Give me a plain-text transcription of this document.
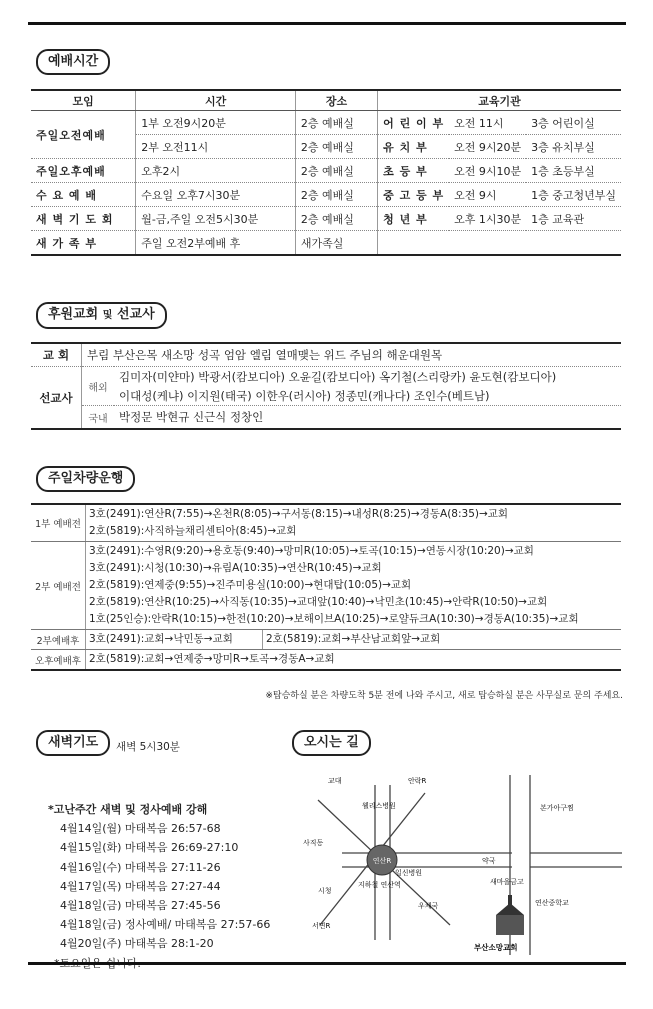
예배시간
모임	시간	장소	교육기관		
주일오전예배	1부 오전9시20분	2층 예배실	어 린 이 부	오전 11시	3층 어린이실
	2부 오전11시	2층 예배실	유 치 부	오전 9시20분	3층 유치부실
주일오후예배	오후2시	2층 예배실	초 등 부	오전 9시10분	1층 초등부실
수 요 예 배	수요일 오후7시30분	2층 예배실	중 고 등 부	오전 9시	1층 중고청년부실
새 벽 기 도 회	월-금,주일 오전5시30분	2층 예배실	청 년 부	오후 1시30분	1층 교육관
새 가 족 부	주일 오전2부예배 후	새가족실			
후원교회 및 선교사
교 회	부림 부산은목 새소망 성곡 엄암 엘림 열매맺는 위드 주님의 해운대원목	
선교사	해외	김미자(미얀마) 박광서(캄보디아) 오윤길(캄보디아) 옥기철(스리랑카) 윤도현(캄보디아)
		이대성(케냐) 이지원(태국) 이한우(러시아) 정종민(캐나다) 조인수(베트남)
	국내	박정문 박현규 신근식 정창인
주일차량운행
1부 예배전	3호(2491):연산R(7:55)→온천R(8:05)→구서동(8:15)→내성R(8:25)→경동A(8:35)→교회
2호(5819):사직하늘채리센티아(8:45)→교회	

2부 예배전	3호(2491):수영R(9:20)→용호동(9:40)→망미R(10:05)→토곡(10:15)→연동시장(10:20)→교회
3호(2491):시청(10:30)→유림A(10:35)→연산R(10:45)→교회
2호(5819):연제중(9:55)→진주미용실(10:00)→현대탑(10:05)→교회
2호(5819):연산R(10:25)→사직동(10:35)→교대앞(10:40)→낙민초(10:45)→안락R(10:50)→교회
1호(25인승):안락R(10:15)→한전(10:20)→보해이브A(10:25)→로얄듀크A(10:30)→경동A(10:35)→교회	

2부예배후	3호(2491):교회→낙민동→교회	2호(5819):교회→부산남교회앞→교회

오후예배후	2호(5819):교회→연제중→망미R→토곡→경동A→교회	
※탑승하실 분은 차량도착 5분 전에 나와 주시고, 새로 탑승하실 분은 사무실로 문의 주세요.
새벽기도	새벽 5시30분
*고난주간 새벽 및 정사예배 강해
4월14일(월) 마태복음 26:57-68
4월15일(화) 마태복음 26:69-27:10
4월16일(수) 마태복음 27:11-26
4월17일(목) 마태복음 27:27-44
4월18일(금) 마태복음 27:45-56
4월18일(금) 정사예배/ 마태복음 27:57-66
4월20일(주) 마태복음 28:1-20
오시는 길
연산R
교대	안락R
웰리스병원	본가아구찜
사직동
일신병원
약국
새마을금고
시청
지하철 연산역
우체국	연산중학교
서면R
부산소망교회
